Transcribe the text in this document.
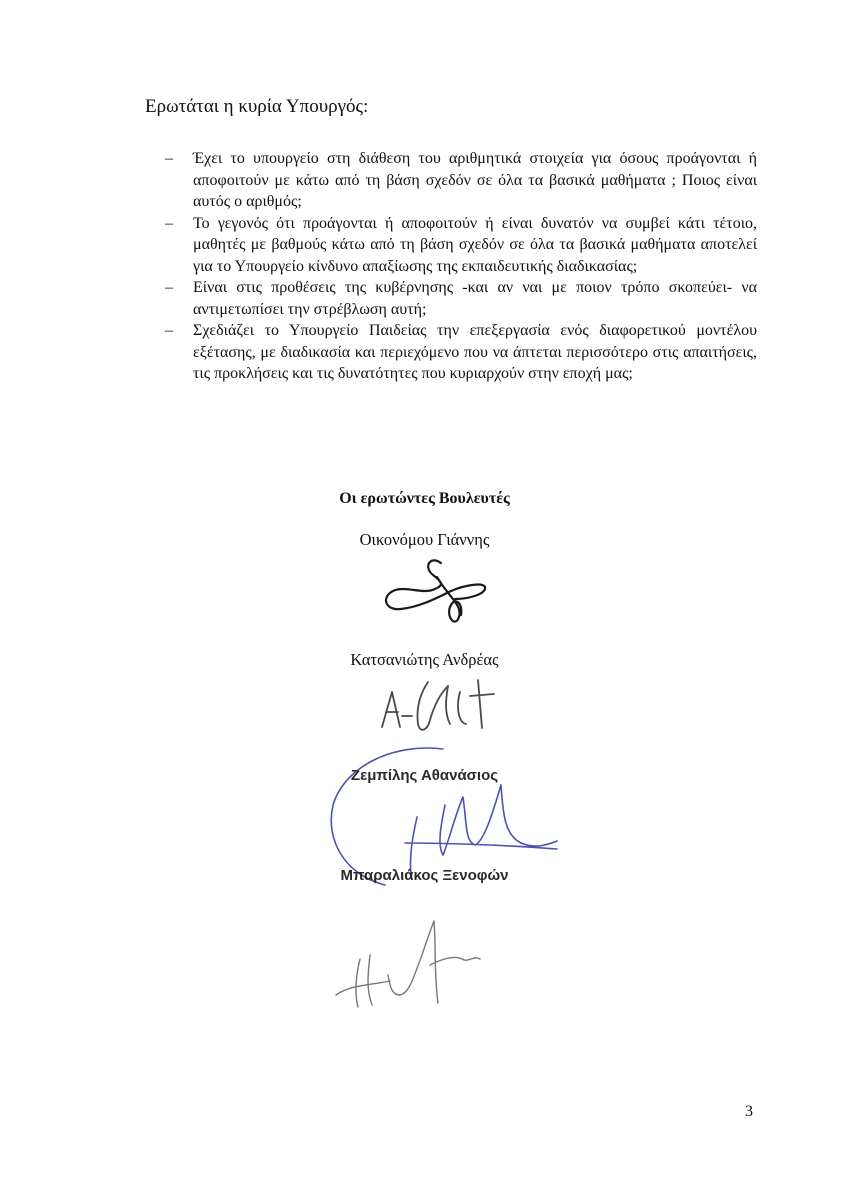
Ερωτάται η κυρία Υπουργός:

– Έχει το υπουργείο στη διάθεση του αριθμητικά στοιχεία για όσους προάγονται ή αποφοιτούν με κάτω από τη βάση σχεδόν σε όλα τα βασικά μαθήματα ; Ποιος είναι αυτός ο αριθμός;
– Το γεγονός ότι προάγονται ή αποφοιτούν ή είναι δυνατόν να συμβεί κάτι τέτοιο, μαθητές με βαθμούς κάτω από τη βάση σχεδόν σε όλα τα βασικά μαθήματα αποτελεί για το Υπουργείο κίνδυνο απαξίωσης της εκπαιδευτικής διαδικασίας;
– Είναι στις προθέσεις της κυβέρνησης -και αν ναι με ποιον τρόπο σκοπεύει- να αντιμετωπίσει την στρέβλωση αυτή;
– Σχεδιάζει το Υπουργείο Παιδείας την επεξεργασία ενός διαφορετικού μοντέλου εξέτασης, με διαδικασία και περιεχόμενο που να άπτεται περισσότερο στις απαιτήσεις, τις προκλήσεις και τις δυνατότητες που κυριαρχούν στην εποχή μας;

Οι ερωτώντες Βουλευτές

Οικονόμου Γιάννης

Κατσανιώτης Ανδρέας

Ζεμπίλης Αθανάσιος

Μπαραλιάκος Ξενοφών

3
